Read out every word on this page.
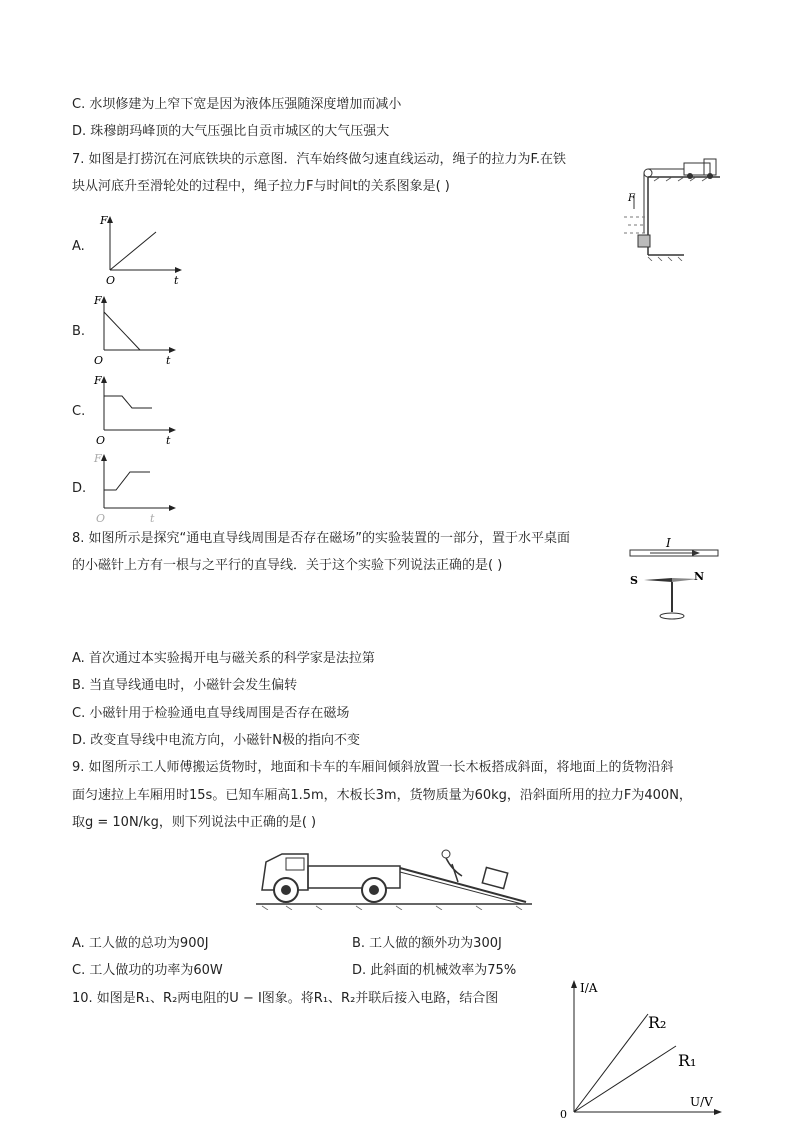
C. 水坝修建为上窄下宽是因为液体压强随深度增加而减小
D. 珠穆朗玛峰顶的大气压强比自贡市城区的大气压强大
7. 如图是打捞沉在河底铁块的示意图．汽车始终做匀速直线运动，绳子的拉力为F.在铁
块从河底升至滑轮处的过程中，绳子拉力F与时间t的关系图象是( )
F
A.
F
O	t
B.
F
O	t
C.
F
O	t
D.
F
O	t
8. 如图所示是探究“通电直导线周围是否存在磁场”的实验装置的一部分，置于水平桌面
的小磁针上方有一根与之平行的直导线．关于这个实验下列说法正确的是( )
I
S	N
A. 首次通过本实验揭开电与磁关系的科学家是法拉第
B. 当直导线通电时，小磁针会发生偏转
C. 小磁针用于检验通电直导线周围是否存在磁场
D. 改变直导线中电流方向，小磁针N极的指向不变
9. 如图所示工人师傅搬运货物时，地面和卡车的车厢间倾斜放置一长木板搭成斜面，将地面上的货物沿斜
面匀速拉上车厢用时15s。已知车厢高1.5m，木板长3m，货物质量为60kg，沿斜面所用的拉力F为400N，
取g = 10N/kg，则下列说法中正确的是( )
A. 工人做的总功为900J	B. 工人做的额外功为300J
C. 工人做功的功率为60W	D. 此斜面的机械效率为75%
10. 如图是R₁、R₂两电阻的U − I图象。将R₁、R₂并联后接入电路，结合图
I/A
U/V
0
R₂
R₁
